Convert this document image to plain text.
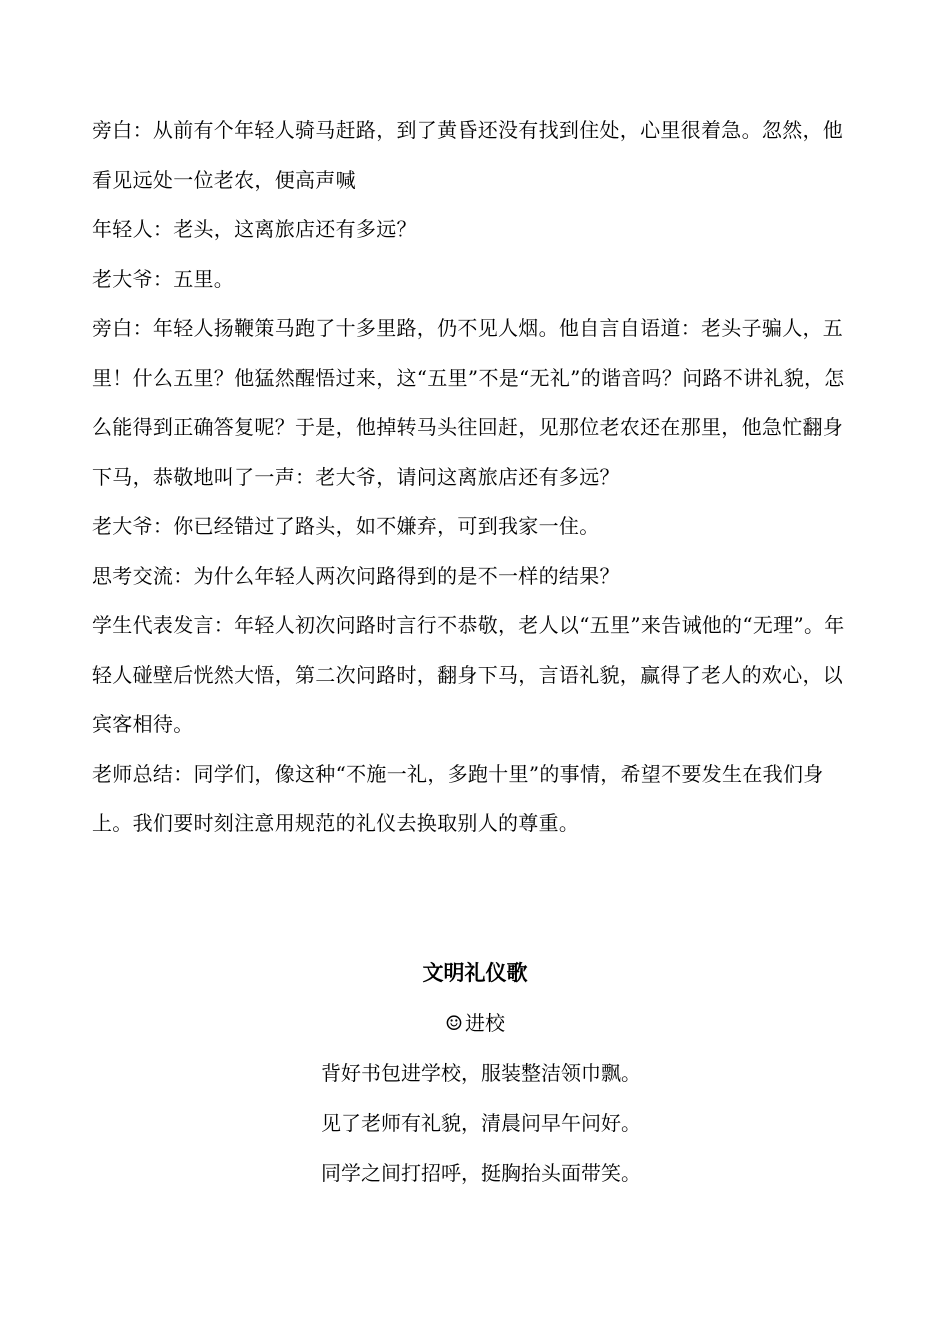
旁白：从前有个年轻人骑马赶路，到了黄昏还没有找到住处，心里很着急。忽然，他看见远处一位老农，便高声喊

年轻人：老头，这离旅店还有多远？

老大爷：五里。

旁白：年轻人扬鞭策马跑了十多里路，仍不见人烟。他自言自语道：老头子骗人，五里！什么五里？他猛然醒悟过来，这“五里”不是“无礼”的谐音吗？问路不讲礼貌，怎么能得到正确答复呢？于是，他掉转马头往回赶，见那位老农还在那里，他急忙翻身下马，恭敬地叫了一声：老大爷，请问这离旅店还有多远？

老大爷：你已经错过了路头，如不嫌弃，可到我家一住。

思考交流：为什么年轻人两次问路得到的是不一样的结果？

学生代表发言：年轻人初次问路时言行不恭敬，老人以“五里”来告诫他的“无理”。年轻人碰壁后恍然大悟，第二次问路时，翻身下马，言语礼貌，赢得了老人的欢心，以宾客相待。

老师总结：同学们，像这种“不施一礼，多跑十里”的事情，希望不要发生在我们身上。我们要时刻注意用规范的礼仪去换取别人的尊重。

文明礼仪歌

☺ 进校

背好书包进学校，服装整洁领巾飘。

见了老师有礼貌，清晨问早午问好。

同学之间打招呼，挺胸抬头面带笑。
